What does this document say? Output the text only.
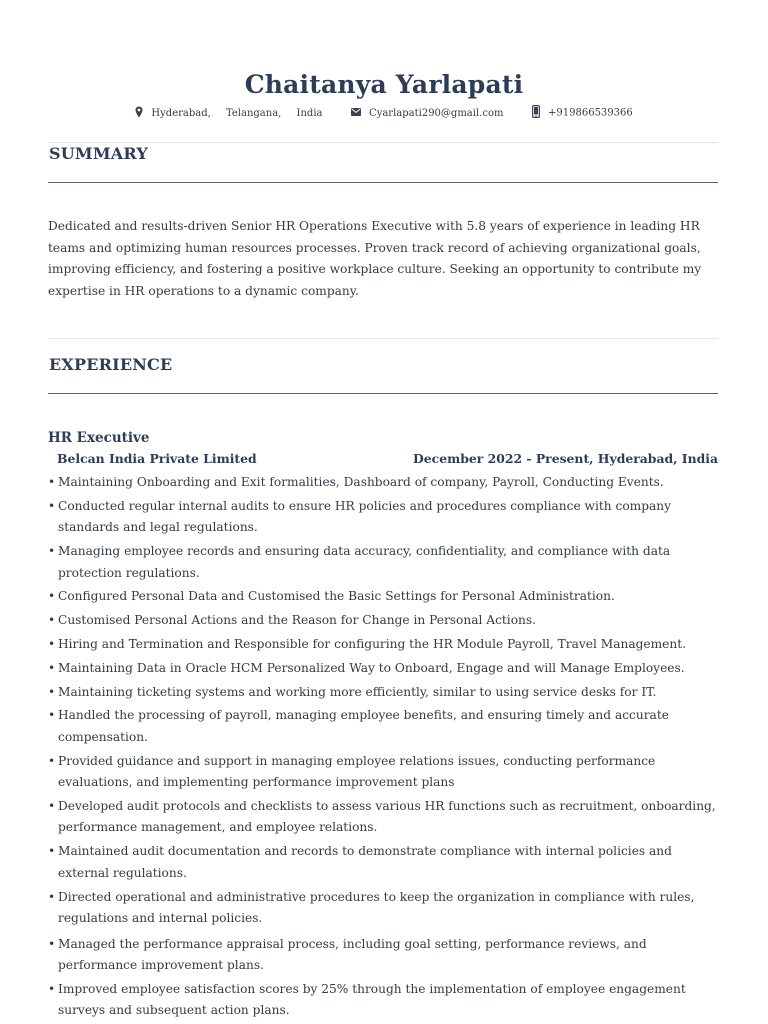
Chaitanya Yarlapati
Hyderabad, Telangana, India	Cyarlapati290@gmail.com	+919866539366
SUMMARY
Dedicated and results-driven Senior HR Operations Executive with 5.8 years of experience in leading HR teams and optimizing human resources processes. Proven track record of achieving organizational goals, improving efficiency, and fostering a positive workplace culture. Seeking an opportunity to contribute my expertise in HR operations to a dynamic company.
EXPERIENCE
HR Executive
Belcan India Private Limited	December 2022 - Present, Hyderabad, India
• Maintaining Onboarding and Exit formalities, Dashboard of company, Payroll, Conducting Events.
• Conducted regular internal audits to ensure HR policies and procedures compliance with company standards and legal regulations.
• Managing employee records and ensuring data accuracy, confidentiality, and compliance with data protection regulations.
• Configured Personal Data and Customised the Basic Settings for Personal Administration.
• Customised Personal Actions and the Reason for Change in Personal Actions.
• Hiring and Termination and Responsible for configuring the HR Module Payroll, Travel Management.
• Maintaining Data in Oracle HCM Personalized Way to Onboard, Engage and will Manage Employees.
• Maintaining ticketing systems and working more efficiently, similar to using service desks for IT.
• Handled the processing of payroll, managing employee benefits, and ensuring timely and accurate compensation.
• Provided guidance and support in managing employee relations issues, conducting performance evaluations, and implementing performance improvement plans
• Developed audit protocols and checklists to assess various HR functions such as recruitment, onboarding, performance management, and employee relations.
• Maintained audit documentation and records to demonstrate compliance with internal policies and external regulations.
• Directed operational and administrative procedures to keep the organization in compliance with rules, regulations and internal policies.
• Managed the performance appraisal process, including goal setting, performance reviews, and performance improvement plans.
• Improved employee satisfaction scores by 25% through the implementation of employee engagement surveys and subsequent action plans.
